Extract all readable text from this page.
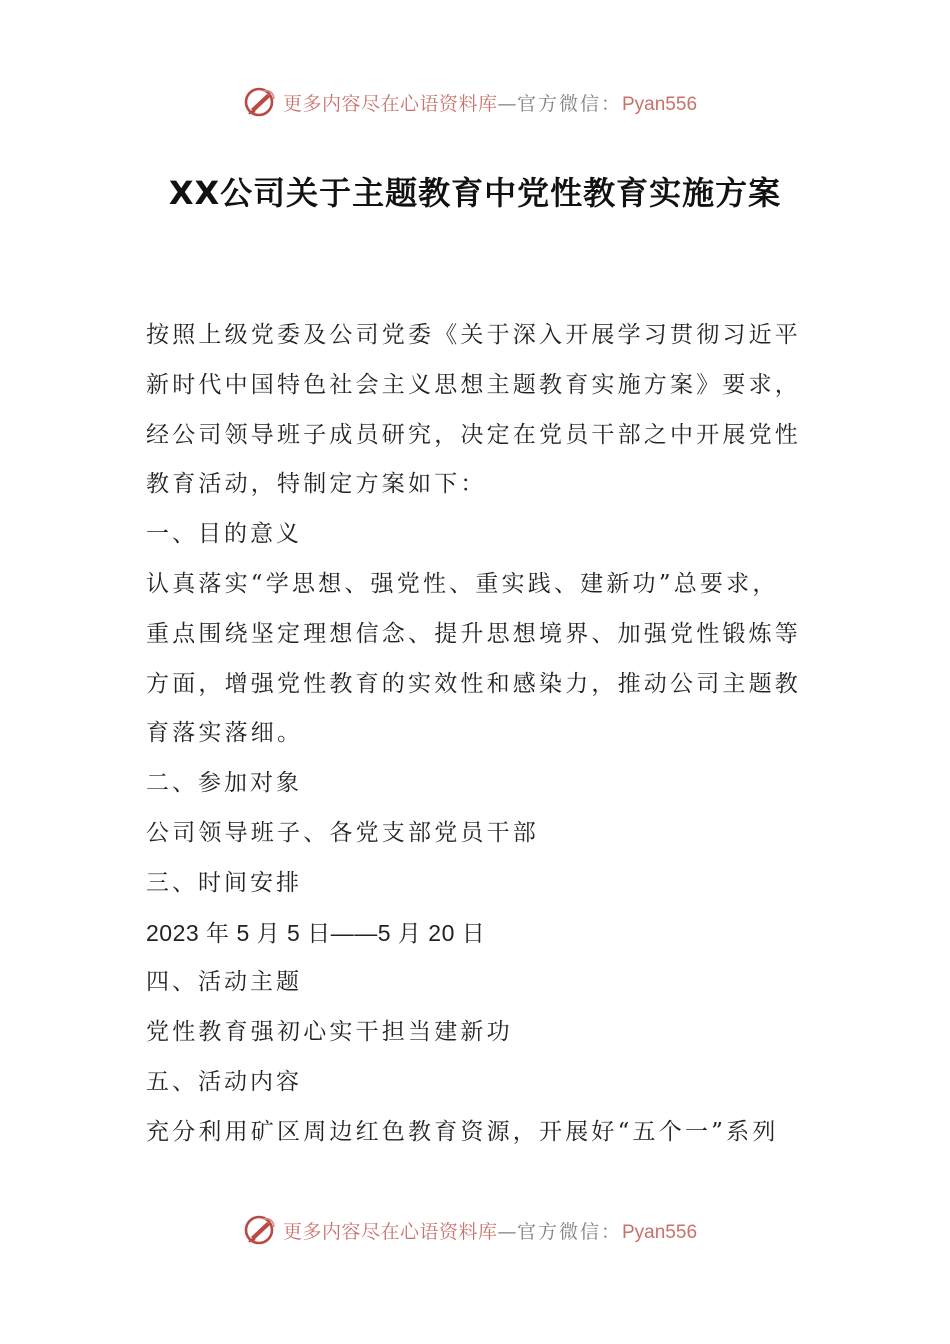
更多内容尽在心语资料库—官方微信：Pyan556
XX公司关于主题教育中党性教育实施方案
按照上级党委及公司党委《关于深入开展学习贯彻习近平
新时代中国特色社会主义思想主题教育实施方案》要求，
经公司领导班子成员研究，决定在党员干部之中开展党性
教育活动，特制定方案如下：
一、目的意义
认真落实“学思想、强党性、重实践、建新功”总要求，
重点围绕坚定理想信念、提升思想境界、加强党性锻炼等
方面，增强党性教育的实效性和感染力，推动公司主题教
育落实落细。
二、参加对象
公司领导班子、各党支部党员干部
三、时间安排
2023 年 5 月 5 日——5 月 20 日
四、活动主题
党性教育强初心实干担当建新功
五、活动内容
充分利用矿区周边红色教育资源，开展好“五个一”系列
更多内容尽在心语资料库—官方微信：Pyan556
